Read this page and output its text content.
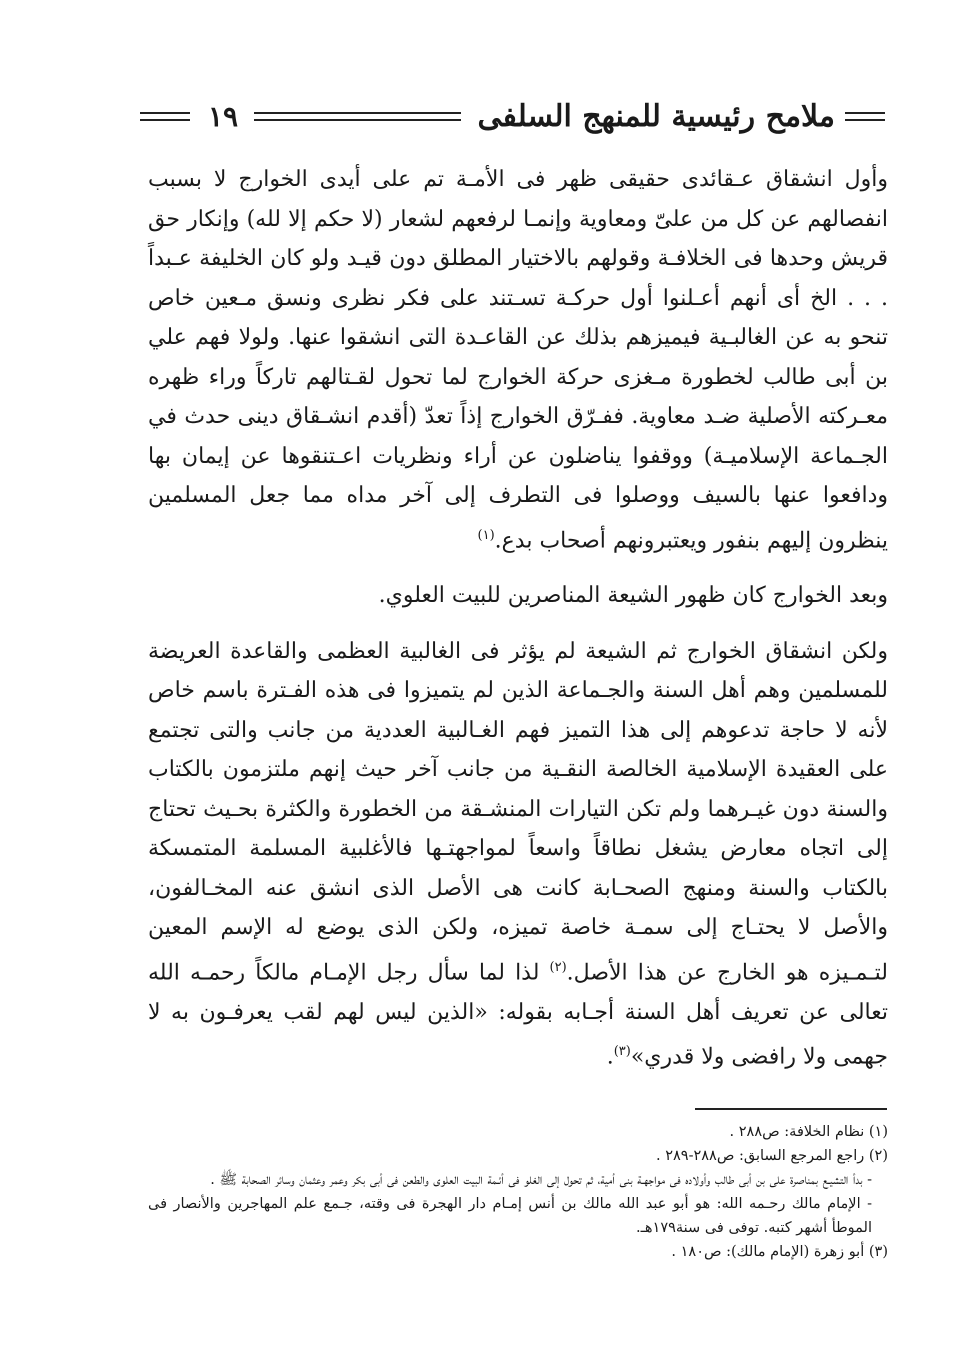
ملامح رئيسية للمنهج السلفى
١٩

وأول انشقاق عـقائدى حقيقى ظهر فى الأمـة تم على أيدى الخوارج لا بسبب انفصالهم عن كل من علىّ ومعاوية وإنمـا لرفعهم لشعار (لا حكم إلا لله) وإنكار حق قريش وحدها فى الخلافـة وقولهم بالاختيار المطلق دون قيـد ولو كان الخليفة عـبداً . . . الخ أى أنهم أعـلنوا أول حركـة تسـتند على فكر نظرى ونسق مـعين خاص تنحو به عن الغالبـية فيميزهم بذلك عن القاعـدة التى انشقوا عنها. ولولا فهم علي بن أبى طالب لخطورة مـغزى حركة الخوارج لما تحول لقـتالهم تاركاً وراء ظهره معـركته الأصلية ضـد معاوية. ففـرّق الخوارج إذاً تعدّ (أقدم انشـقاق دينى حدث في الجـماعة الإسلاميـة) ووقفوا يناضلون عن أراء ونظريات اعـتنقوها عن إيمان بها ودافعوا عنها بالسيف ووصلوا فى التطرف إلى آخر مداه مما جعل المسلمين ينظرون إليهم بنفور ويعتبرونهم أصحاب بدع.$^{(١)}$

وبعد الخوارج كان ظهور الشيعة المناصرين للبيت العلوي.

ولكن انشقاق الخوارج ثم الشيعة لم يؤثر فى الغالبية العظمى والقاعدة العريضة للمسلمين وهم أهل السنة والجـماعة الذين لم يتميزوا فى هذه الفـترة باسم خاص لأنه لا حاجة تدعوهم إلى هذا التميز فهم الغـالبية العددية من جانب والتى تجتمع على العقيدة الإسلامية الخالصة النقـية من جانب آخر حيث إنهم ملتزمون بالكتاب والسنة دون غيـرهما ولم تكن التيارات المنشـقة من الخطورة والكثرة بحـيث تحتاج إلى اتجاه معارض يشغل نطاقاً واسعاً لمواجهتـها فالأغلبية المسلمة المتمسكة بالكتاب والسنة ومنهج الصحـابة كانت هى الأصل الذى انشق عنه المخـالفون، والأصل لا يحتـاج إلى سمـة خاصة تميزه، ولكن الذى يوضع له الإسم المعين لتـمـيزه هو الخارج عن هذا الأصل.$^{(٢)}$ لذا لما سأل رجل الإمـام مالكاً رحمـه الله تعالى عن تعريف أهل السنة أجـابه بقوله: «الذين ليس لهم لقب يعرفـون به لا جهمى ولا رافضى ولا قدري»$^{(٣)}$.

(١) نظام الخلافة: ص٢٨٨ .

(٢) راجع المرجع السابق: ص٢٨٨-٢٨٩ .

- بدأ التشيـع بمناصرة على بن أبى طالب وأولاده فى مواجهـة بنى أمية، ثم تحول إلى الغلو فى أئـمة البيت العلوى والطعن فى أبى بكر وعمر وعثمان وسائر الصحابة ﷺ .

- الإمام مالك رحـمه الله: هو أبو عبد الله مالك بن أنس إمـام دار الهجرة فى وقته، جـمع علم المهاجرين والأنصار فى الموطأ أشهر كتبه. توفى فى سنة١٧٩هـ.

(٣) أبو زهرة (الإمام مالك): ص١٨٠ .
